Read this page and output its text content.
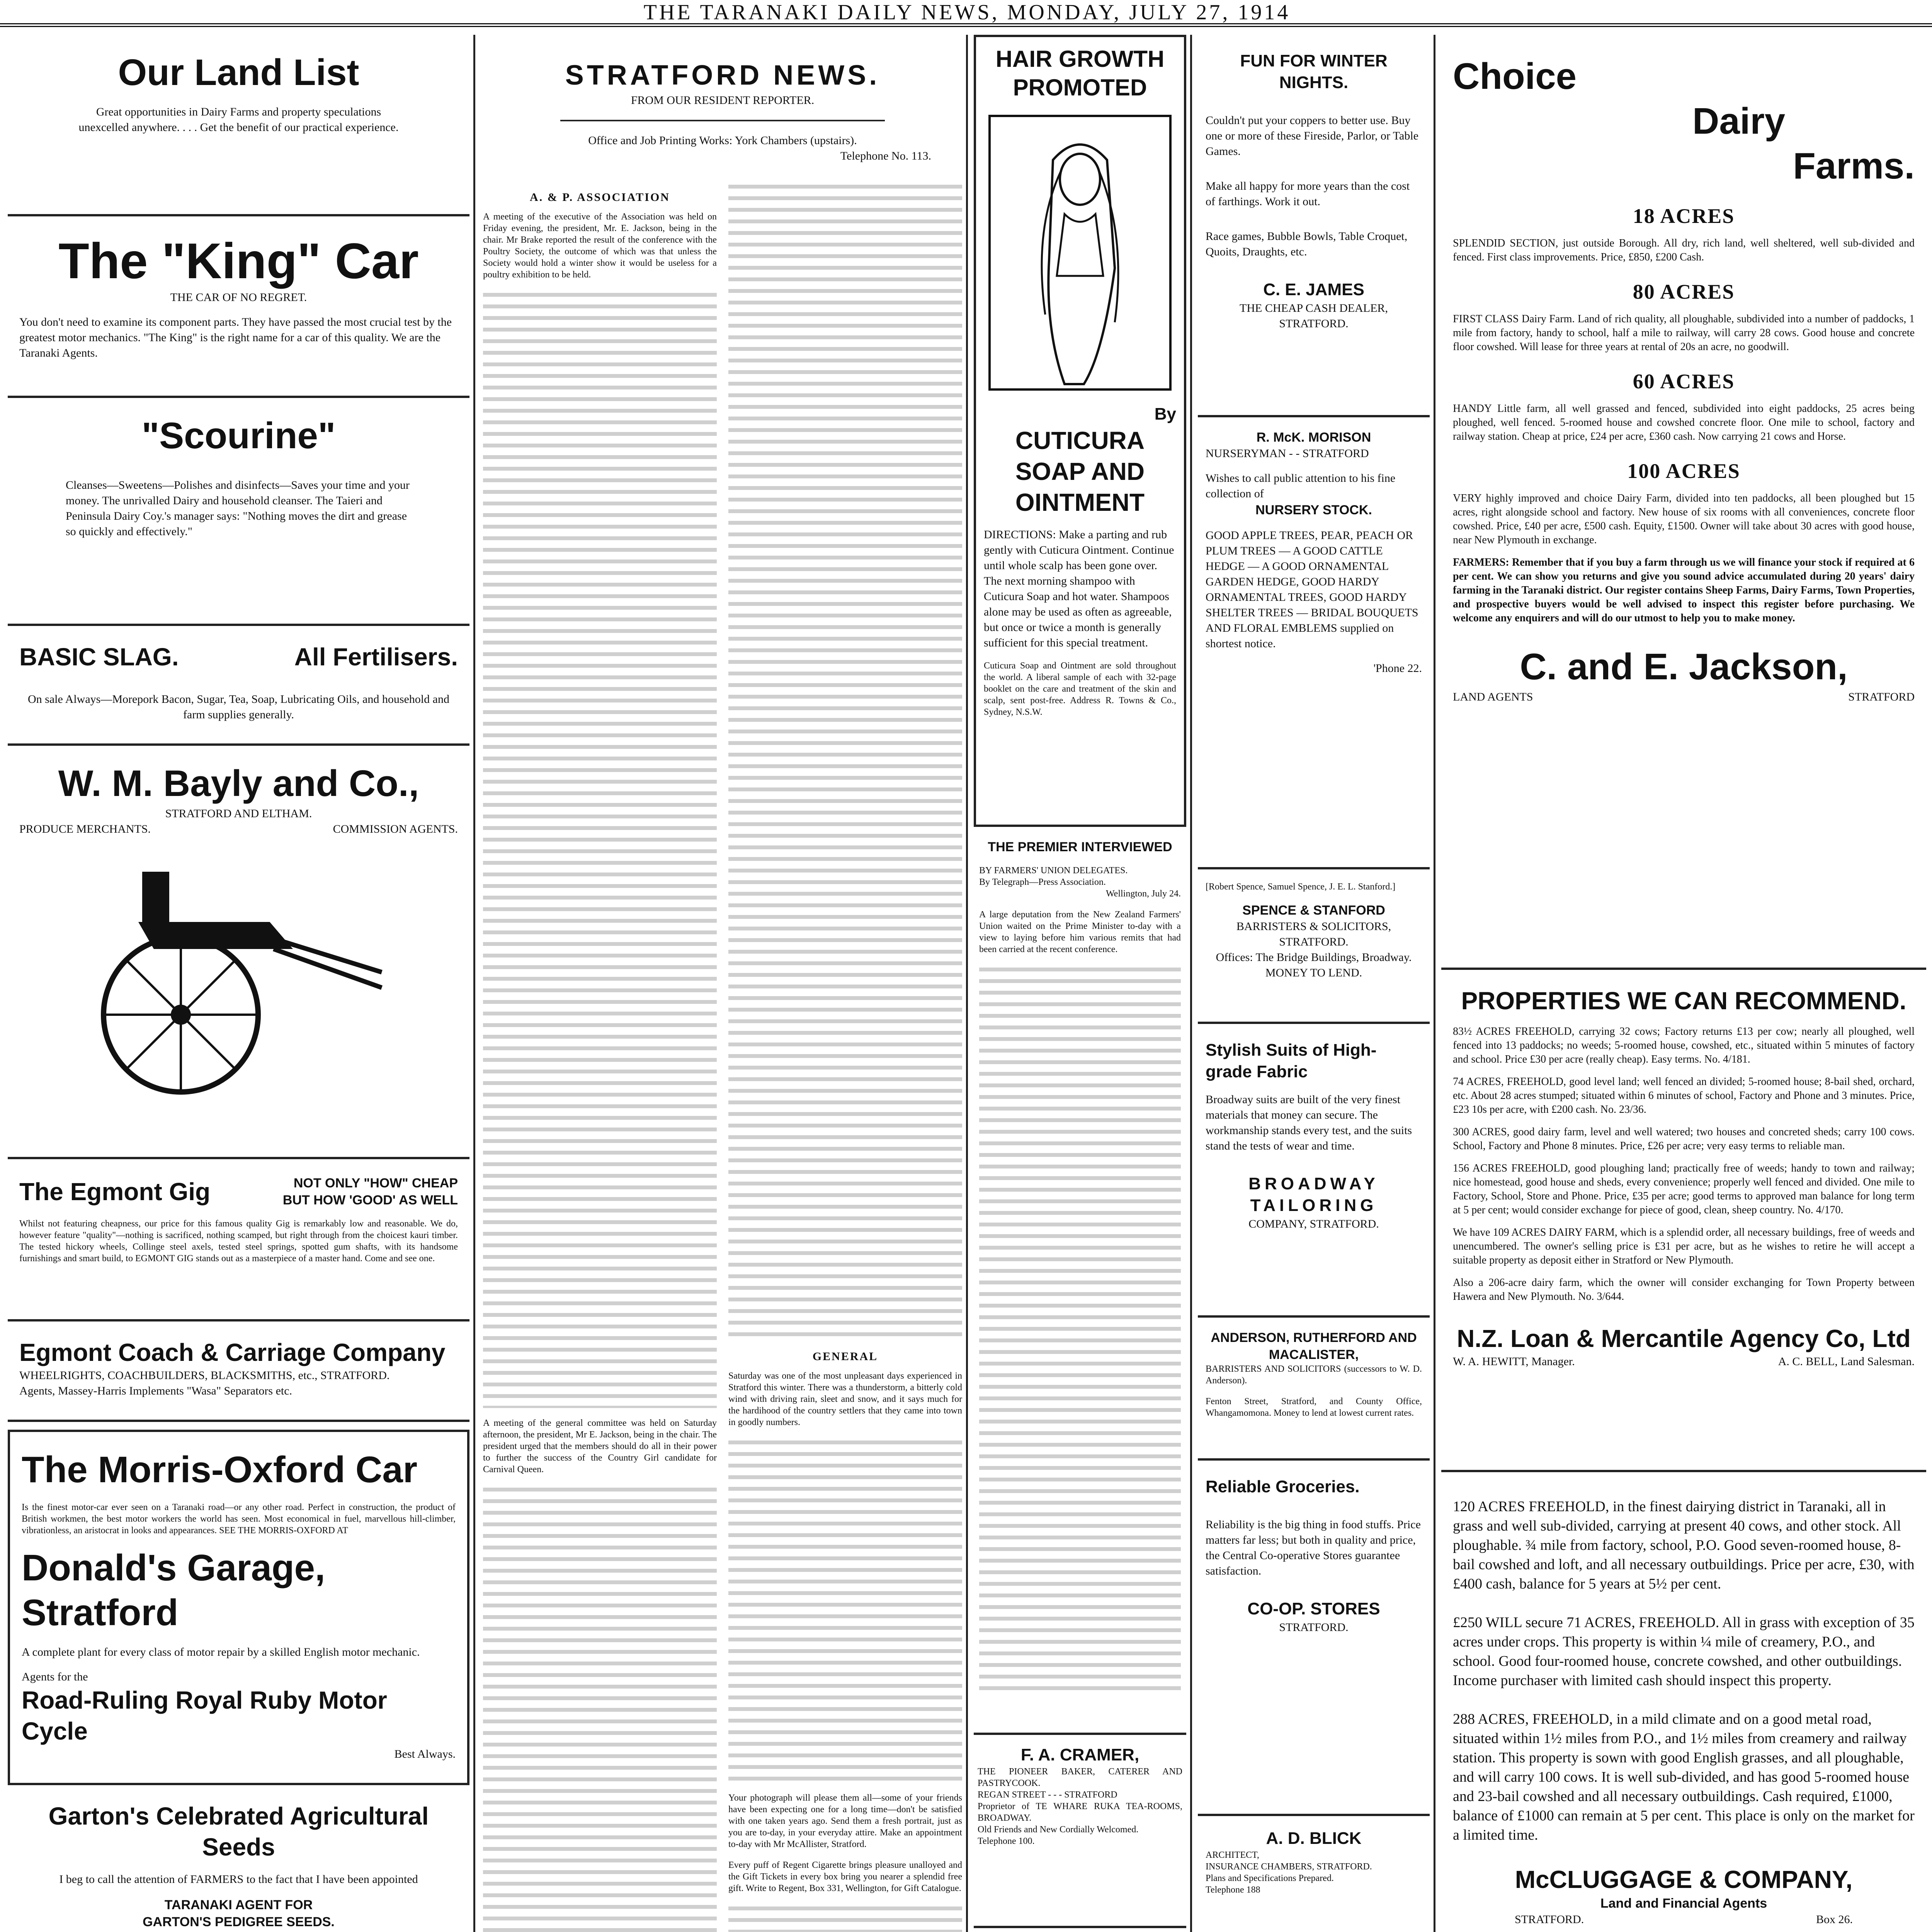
THE TARANAKI DAILY NEWS, MONDAY, JULY 27, 1914
Our Land List
Great opportunities in Dairy Farms and property speculations unexcelled anywhere. . . . Get the benefit of our practical experience.
The "King" Car
THE CAR OF NO REGRET.
You don't need to examine its component parts. They have passed the most crucial test by the greatest motor mechanics. "The King" is the right name for a car of this quality. We are the Taranaki Agents.
"Scourine"
Cleanses—Sweetens—Polishes and disinfects—Saves your time and your money. The unrivalled Dairy and household cleanser. The Taieri and Peninsula Dairy Coy.'s manager says: "Nothing moves the dirt and grease so quickly and effectively."
BASIC SLAG.	All Fertilisers.
On sale Always—Morepork Bacon, Sugar, Tea, Soap, Lubricating Oils, and household and farm supplies generally.
W. M. Bayly and Co.,
STRATFORD AND ELTHAM.
PRODUCE MERCHANTS.	COMMISSION AGENTS.
The Egmont Gig	NOT ONLY "HOW" CHEAP
BUT HOW 'GOOD' AS WELL
Whilst not featuring cheapness, our price for this famous quality Gig is remarkably low and reasonable. We do, however feature "quality"—nothing is sacrificed, nothing scamped, but right through from the choicest kauri timber. The tested hickory wheels, Collinge steel axels, tested steel springs, spotted gum shafts, with its handsome furnishings and smart build, to EGMONT GIG stands out as a masterpiece of a master hand. Come and see one.
Egmont Coach & Carriage Company
WHEELRIGHTS, COACHBUILDERS, BLACKSMITHS, etc., STRATFORD.
Agents, Massey-Harris Implements "Wasa" Separators etc.
The Morris-Oxford Car
Is the finest motor-car ever seen on a Taranaki road—or any other road. Perfect in construction, the product of British workmen, the best motor workers the world has seen. Most economical in fuel, marvellous hill-climber, vibrationless, an aristocrat in looks and appearances. SEE THE MORRIS-OXFORD AT
Donald's Garage, Stratford
A complete plant for every class of motor repair by a skilled English motor mechanic.
Agents for the
Road-Ruling Royal Ruby Motor Cycle
Best Always.
Garton's Celebrated Agricultural Seeds
I beg to call the attention of FARMERS to the fact that I have been appointed
TARANAKI AGENT FOR
GARTON'S PEDIGREE SEEDS.
STRATFORD NEWS.
FROM OUR RESIDENT REPORTER.
Office and Job Printing Works: York Chambers (upstairs).
Telephone No. 113.
A. & P. ASSOCIATION
A meeting of the executive of the Association was held on Friday evening, the president, Mr. E. Jackson, being in the chair. Mr Brake reported the result of the conference with the Poultry Society, the outcome of which was that unless the Society would hold a winter show it would be useless for a poultry exhibition to be held.
A meeting of the general committee was held on Saturday afternoon, the president, Mr E. Jackson, being in the chair. The president urged that the members should do all in their power to further the success of the Country Girl candidate for Carnival Queen.
GENERAL
Saturday was one of the most unpleasant days experienced in Stratford this winter. There was a thunderstorm, a bitterly cold wind with driving rain, sleet and snow, and it says much for the hardihood of the country settlers that they came into town in goodly numbers.
Your photograph will please them all—some of your friends have been expecting one for a long time—don't be satisfied with one taken years ago. Send them a fresh portrait, just as you are to-day, in your everyday attire. Make an appointment to-day with Mr McAllister, Stratford.
Every puff of Regent Cigarette brings pleasure unalloyed and the Gift Tickets in every box bring you nearer a splendid free gift. Write to Regent, Box 331, Wellington, for Gift Catalogue.
HAIR GROWTH
PROMOTED
By
CUTICURA SOAP AND OINTMENT
DIRECTIONS: Make a parting and rub gently with Cuticura Ointment. Continue until whole scalp has been gone over. The next morning shampoo with Cuticura Soap and hot water. Shampoos alone may be used as often as agreeable, but once or twice a month is generally sufficient for this special treatment.
Cuticura Soap and Ointment are sold throughout the world. A liberal sample of each with 32-page booklet on the care and treatment of the skin and scalp, sent post-free. Address R. Towns & Co., Sydney, N.S.W.
THE PREMIER INTERVIEWED
BY FARMERS' UNION DELEGATES.
By Telegraph—Press Association.
Wellington, July 24.
A large deputation from the New Zealand Farmers' Union waited on the Prime Minister to-day with a view to laying before him various remits that had been carried at the recent conference.
F. A. CRAMER,
THE PIONEER BAKER, CATERER AND PASTRYCOOK.
REGAN STREET - - - STRATFORD
Proprietor of TE WHARE RUKA TEA-ROOMS, BROADWAY.
Old Friends and New Cordially Welcomed.
Telephone 100.
FUN FOR WINTER
NIGHTS.
Couldn't put your coppers to better use. Buy one or more of these Fireside, Parlor, or Table Games.
Make all happy for more years than the cost of farthings. Work it out.
Race games, Bubble Bowls, Table Croquet, Quoits, Draughts, etc.
C. E. JAMES
THE CHEAP CASH DEALER,
STRATFORD.
R. McK. MORISON
NURSERYMAN - - STRATFORD
Wishes to call public attention to his fine collection of
NURSERY STOCK.
GOOD APPLE TREES, PEAR, PEACH OR PLUM TREES — A GOOD CATTLE HEDGE — A GOOD ORNAMENTAL GARDEN HEDGE, GOOD HARDY ORNAMENTAL TREES, GOOD HARDY SHELTER TREES — BRIDAL BOUQUETS AND FLORAL EMBLEMS supplied on shortest notice.
'Phone 22.
[Robert Spence, Samuel Spence, J. E. L. Stanford.]
SPENCE & STANFORD
BARRISTERS & SOLICITORS,
STRATFORD.
Offices: The Bridge Buildings, Broadway.
MONEY TO LEND.
Stylish Suits of High-grade Fabric
Broadway suits are built of the very finest materials that money can secure. The workmanship stands every test, and the suits stand the tests of wear and time.
BROADWAY
TAILORING
COMPANY, STRATFORD.
ANDERSON, RUTHERFORD AND MACALISTER,
BARRISTERS AND SOLICITORS (successors to W. D. Anderson).
Fenton Street, Stratford, and County Office, Whangamomona. Money to lend at lowest current rates.
Reliable Groceries.
Reliability is the big thing in food stuffs. Price matters far less; but both in quality and price, the Central Co-operative Stores guarantee satisfaction.
CO-OP. STORES
STRATFORD.
A. D. BLICK
ARCHITECT,
INSURANCE CHAMBERS, STRATFORD.
Plans and Specifications Prepared.
Telephone 188
Choice
Dairy
Farms.
18 ACRES
SPLENDID SECTION, just outside Borough. All dry, rich land, well sheltered, well sub-divided and fenced. First class improvements. Price, £850, £200 Cash.
80 ACRES
FIRST CLASS Dairy Farm. Land of rich quality, all ploughable, subdivided into a number of paddocks, 1 mile from factory, handy to school, half a mile to railway, will carry 28 cows. Good house and concrete floor cowshed. Will lease for three years at rental of 20s an acre, no goodwill.
60 ACRES
HANDY Little farm, all well grassed and fenced, subdivided into eight paddocks, 25 acres being ploughed, well fenced. 5-roomed house and cowshed concrete floor. One mile to school, factory and railway station. Cheap at price, £24 per acre, £360 cash. Now carrying 21 cows and Horse.
100 ACRES
VERY highly improved and choice Dairy Farm, divided into ten paddocks, all been ploughed but 15 acres, right alongside school and factory. New house of six rooms with all conveniences, concrete floor cowshed. Price, £40 per acre, £500 cash. Equity, £1500. Owner will take about 30 acres with good house, near New Plymouth in exchange.
FARMERS: Remember that if you buy a farm through us we will finance your stock if required at 6 per cent. We can show you returns and give you sound advice accumulated during 20 years' dairy farming in the Taranaki district. Our register contains Sheep Farms, Dairy Farms, Town Properties, and prospective buyers would be well advised to inspect this register before purchasing. We welcome any enquirers and will do our utmost to help you to make money.
C. and E. Jackson,
LAND AGENTS	STRATFORD
PROPERTIES WE CAN RECOMMEND.
83½ ACRES FREEHOLD, carrying 32 cows; Factory returns £13 per cow; nearly all ploughed, well fenced into 13 paddocks; no weeds; 5-roomed house, cowshed, etc., situated within 5 minutes of factory and school. Price £30 per acre (really cheap). Easy terms. No. 4/181.
74 ACRES, FREEHOLD, good level land; well fenced an divided; 5-roomed house; 8-bail shed, orchard, etc. About 28 acres stumped; situated within 6 minutes of school, Factory and Phone and 3 minutes. Price, £23 10s per acre, with £200 cash. No. 23/36.
300 ACRES, good dairy farm, level and well watered; two houses and concreted sheds; carry 100 cows. School, Factory and Phone 8 minutes. Price, £26 per acre; very easy terms to reliable man.
156 ACRES FREEHOLD, good ploughing land; practically free of weeds; handy to town and railway; nice homestead, good house and sheds, every convenience; properly well fenced and divided. One mile to Factory, School, Store and Phone. Price, £35 per acre; good terms to approved man balance for long term at 5 per cent; would consider exchange for piece of good, clean, sheep country. No. 4/170.
We have 109 ACRES DAIRY FARM, which is a splendid order, all necessary buildings, free of weeds and unencumbered. The owner's selling price is £31 per acre, but as he wishes to retire he will accept a suitable property as deposit either in Stratford or New Plymouth.
Also a 206-acre dairy farm, which the owner will consider exchanging for Town Property between Hawera and New Plymouth. No. 3/644.
N.Z. Loan & Mercantile Agency Co, Ltd
W. A. HEWITT, Manager.	A. C. BELL, Land Salesman.
120 ACRES FREEHOLD, in the finest dairying district in Taranaki, all in grass and well sub-divided, carrying at present 40 cows, and other stock. All ploughable. ¾ mile from factory, school, P.O. Good seven-roomed house, 8-bail cowshed and loft, and all necessary outbuildings. Price per acre, £30, with £400 cash, balance for 5 years at 5½ per cent.
£250 WILL secure 71 ACRES, FREEHOLD. All in grass with exception of 35 acres under crops. This property is within ¼ mile of creamery, P.O., and school. Good four-roomed house, concrete cowshed, and other outbuildings. Income purchaser with limited cash should inspect this property.
288 ACRES, FREEHOLD, in a mild climate and on a good metal road, situated within 1½ miles from P.O., and 1½ miles from creamery and railway station. This property is sown with good English grasses, and all ploughable, and will carry 100 cows. It is well sub-divided, and has good 5-roomed house and 23-bail cowshed and all necessary outbuildings. Cash required, £1000, balance of £1000 can remain at 5 per cent. This place is only on the market for a limited time.
McCLUGGAGE & COMPANY,
Land and Financial Agents
STRATFORD.	Box 26.
